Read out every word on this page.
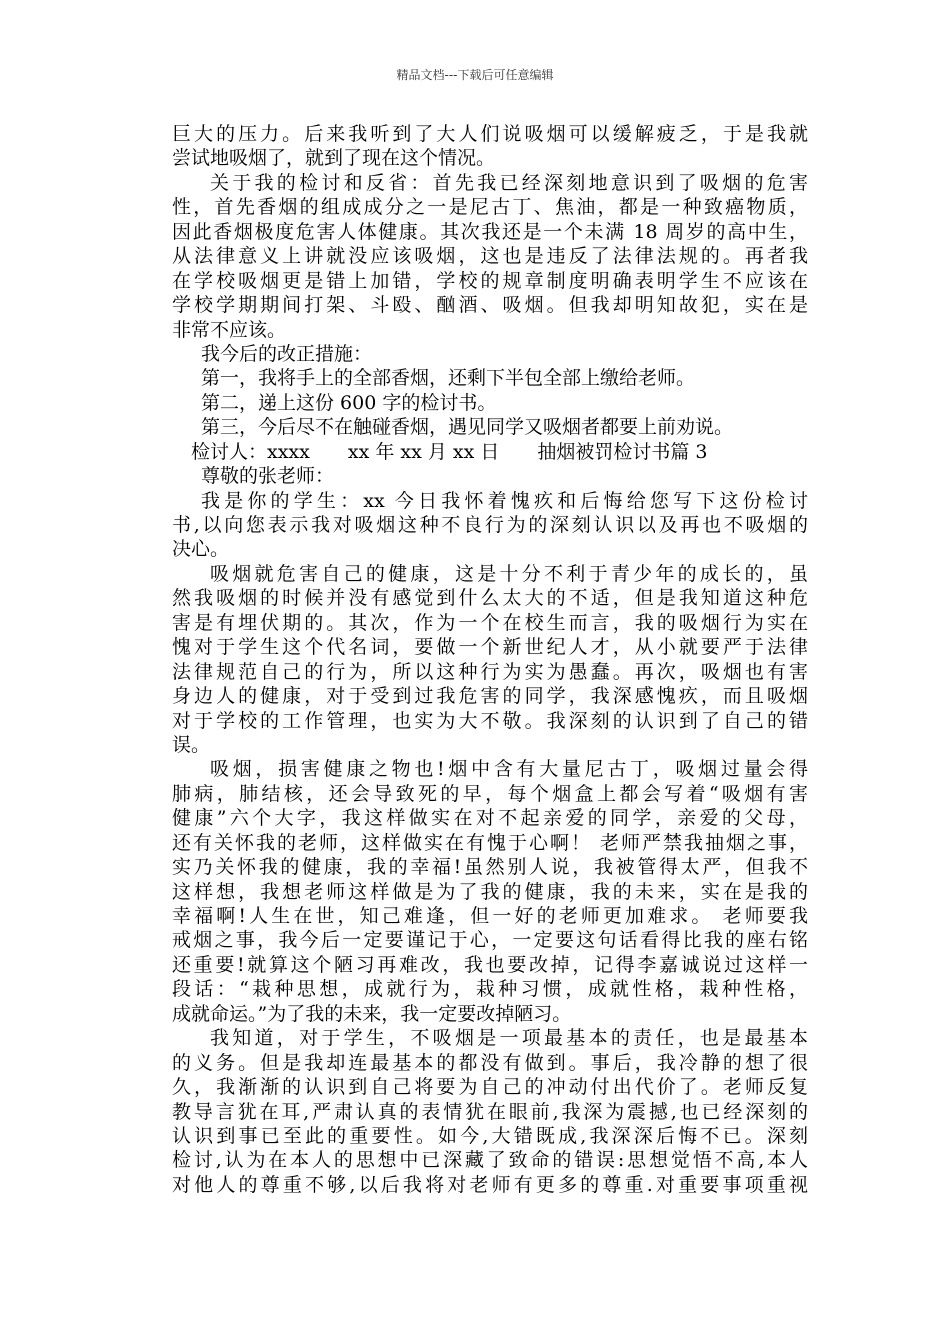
精品文档---下载后可任意编辑
巨大的压力。后来我听到了大人们说吸烟可以缓解疲乏，于是我就
尝试地吸烟了，就到了现在这个情况。
关于我的检讨和反省：首先我已经深刻地意识到了吸烟的危害
性，首先香烟的组成成分之一是尼古丁、焦油，都是一种致癌物质，
因此香烟极度危害人体健康。其次我还是一个未满 18 周岁的高中生，
从法律意义上讲就没应该吸烟，这也是违反了法律法规的。再者我
在学校吸烟更是错上加错，学校的规章制度明确表明学生不应该在
学校学期期间打架、斗殴、酗酒、吸烟。但我却明知故犯，实在是
非常不应该。
我今后的改正措施：
第一，我将手上的全部香烟，还剩下半包全部上缴给老师。
第二，递上这份 600 字的检讨书。
第三，今后尽不在触碰香烟，遇见同学又吸烟者都要上前劝说。
检讨人：xxxx　　xx 年 xx 月 xx 日　　抽烟被罚检讨书篇 3
尊敬的张老师：
我是你的学生：xx 今日我怀着愧疚和后悔给您写下这份检讨
书,以向您表示我对吸烟这种不良行为的深刻认识以及再也不吸烟的
决心。
吸烟就危害自己的健康，这是十分不利于青少年的成长的，虽
然我吸烟的时候并没有感觉到什么太大的不适，但是我知道这种危
害是有埋伏期的。其次，作为一个在校生而言，我的吸烟行为实在
愧对于学生这个代名词，要做一个新世纪人才，从小就要严于法律
法律规范自己的行为，所以这种行为实为愚蠢。再次，吸烟也有害
身边人的健康，对于受到过我危害的同学，我深感愧疚，而且吸烟
对于学校的工作管理，也实为大不敬。我深刻的认识到了自己的错
误。
吸烟，损害健康之物也!烟中含有大量尼古丁，吸烟过量会得
肺病，肺结核，还会导致死的早，每个烟盒上都会写着“吸烟有害
健康”六个大字，我这样做实在对不起亲爱的同学，亲爱的父母，
还有关怀我的老师，这样做实在有愧于心啊！ 老师严禁我抽烟之事，
实乃关怀我的健康，我的幸福!虽然别人说，我被管得太严，但我不
这样想，我想老师这样做是为了我的健康，我的未来，实在是我的
幸福啊!人生在世，知己难逢，但一好的老师更加难求。 老师要我
戒烟之事，我今后一定要谨记于心，一定要这句话看得比我的座右铭
还重要!就算这个陋习再难改，我也要改掉，记得李嘉诚说过这样一
段话：“栽种思想，成就行为，栽种习惯，成就性格，栽种性格，
成就命运。”为了我的未来，我一定要改掉陋习。
我知道，对于学生，不吸烟是一项最基本的责任，也是最基本
的义务。但是我却连最基本的都没有做到。事后，我冷静的想了很
久，我渐渐的认识到自己将要为自己的冲动付出代价了。老师反复
教导言犹在耳,严肃认真的表情犹在眼前,我深为震撼,也已经深刻的
认识到事已至此的重要性。如今,大错既成,我深深后悔不已。深刻
检讨,认为在本人的思想中已深藏了致命的错误:思想觉悟不高,本人
对他人的尊重不够,以后我将对老师有更多的尊重.对重要事项重视
